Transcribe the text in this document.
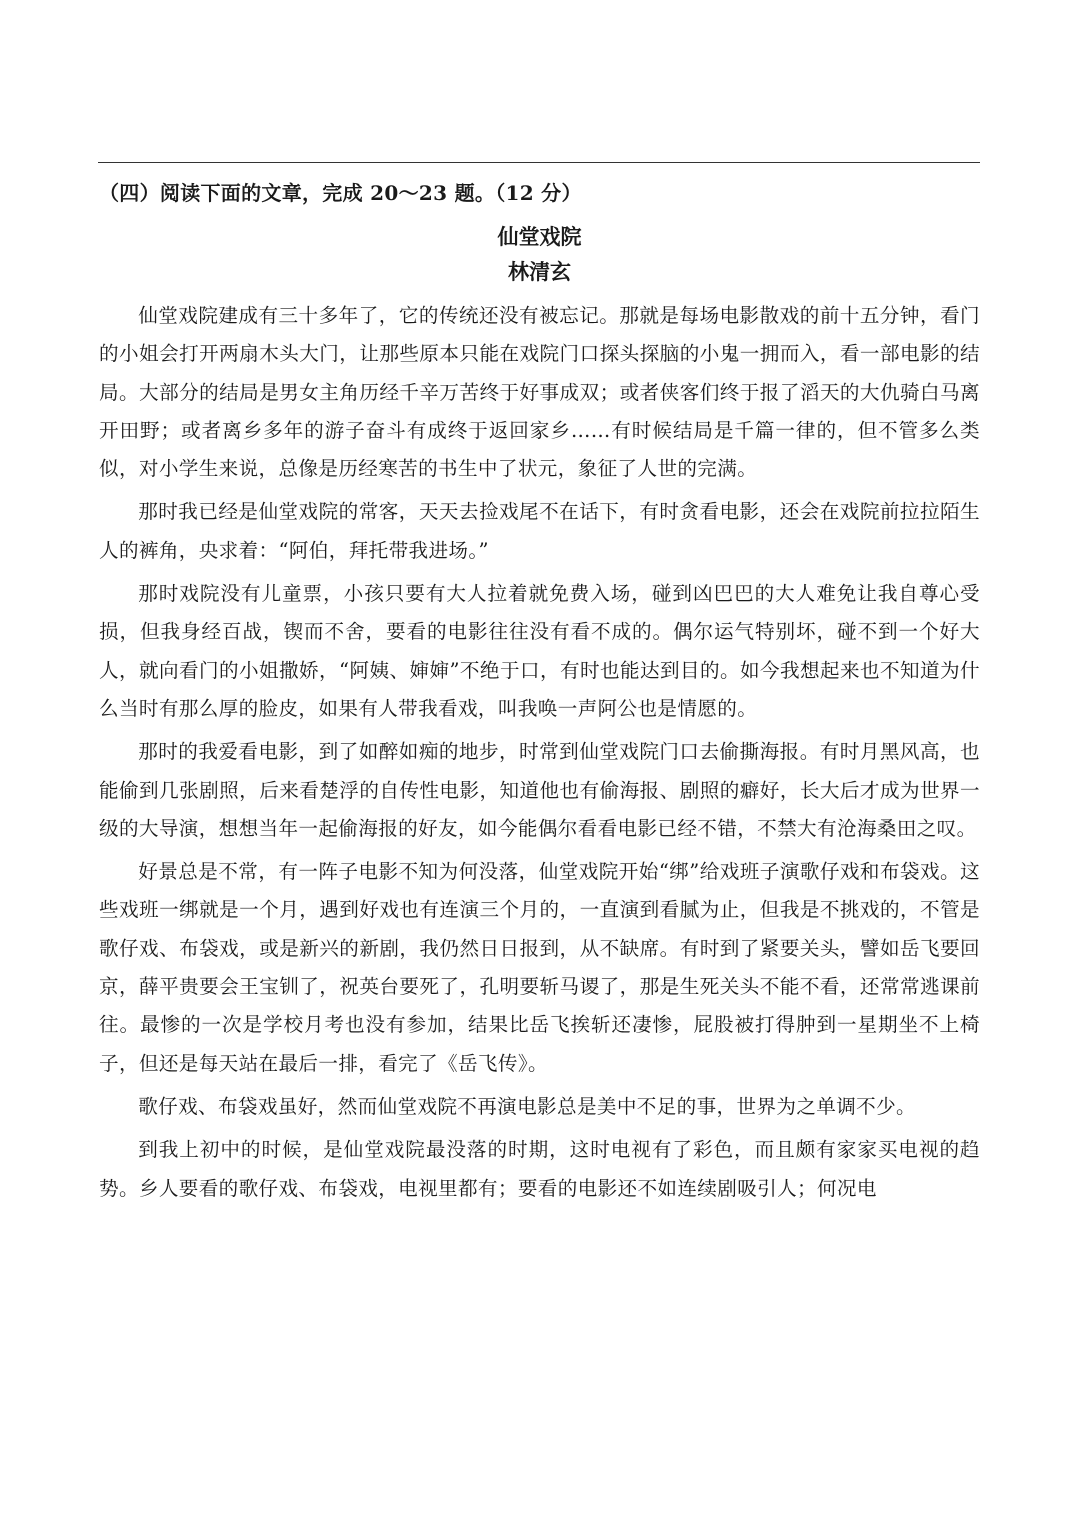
（四）阅读下面的文章，完成 20～23 题。（12 分）
仙堂戏院
林清玄

仙堂戏院建成有三十多年了，它的传统还没有被忘记。那就是每场电影散戏的前十五分钟，看门的小姐会打开两扇木头大门，让那些原本只能在戏院门口探头探脑的小鬼一拥而入，看一部电影的结局。大部分的结局是男女主角历经千辛万苦终于好事成双；或者侠客们终于报了滔天的大仇骑白马离开田野；或者离乡多年的游子奋斗有成终于返回家乡……有时候结局是千篇一律的，但不管多么类似，对小学生来说，总像是历经寒苦的书生中了状元，象征了人世的完满。

那时我已经是仙堂戏院的常客，天天去捡戏尾不在话下，有时贪看电影，还会在戏院前拉拉陌生人的裤角，央求着：“阿伯，拜托带我进场。”

那时戏院没有儿童票，小孩只要有大人拉着就免费入场，碰到凶巴巴的大人难免让我自尊心受损，但我身经百战，锲而不舍，要看的电影往往没有看不成的。偶尔运气特别坏，碰不到一个好大人，就向看门的小姐撒娇，“阿姨、婶婶”不绝于口，有时也能达到目的。如今我想起来也不知道为什么当时有那么厚的脸皮，如果有人带我看戏，叫我唤一声阿公也是情愿的。

那时的我爱看电影，到了如醉如痴的地步，时常到仙堂戏院门口去偷撕海报。有时月黑风高，也能偷到几张剧照，后来看楚浮的自传性电影，知道他也有偷海报、剧照的癖好，长大后才成为世界一级的大导演，想想当年一起偷海报的好友，如今能偶尔看看电影已经不错，不禁大有沧海桑田之叹。

好景总是不常，有一阵子电影不知为何没落，仙堂戏院开始“绑”给戏班子演歌仔戏和布袋戏。这些戏班一绑就是一个月，遇到好戏也有连演三个月的，一直演到看腻为止，但我是不挑戏的，不管是歌仔戏、布袋戏，或是新兴的新剧，我仍然日日报到，从不缺席。有时到了紧要关头，譬如岳飞要回京，薛平贵要会王宝钏了，祝英台要死了，孔明要斩马谡了，那是生死关头不能不看，还常常逃课前往。最惨的一次是学校月考也没有参加，结果比岳飞挨斩还凄惨，屁股被打得肿到一星期坐不上椅子，但还是每天站在最后一排，看完了《岳飞传》。

歌仔戏、布袋戏虽好，然而仙堂戏院不再演电影总是美中不足的事，世界为之单调不少。

到我上初中的时候，是仙堂戏院最没落的时期，这时电视有了彩色，而且颇有家家买电视的趋势。乡人要看的歌仔戏、布袋戏，电视里都有；要看的电影还不如连续剧吸引人；何况电
